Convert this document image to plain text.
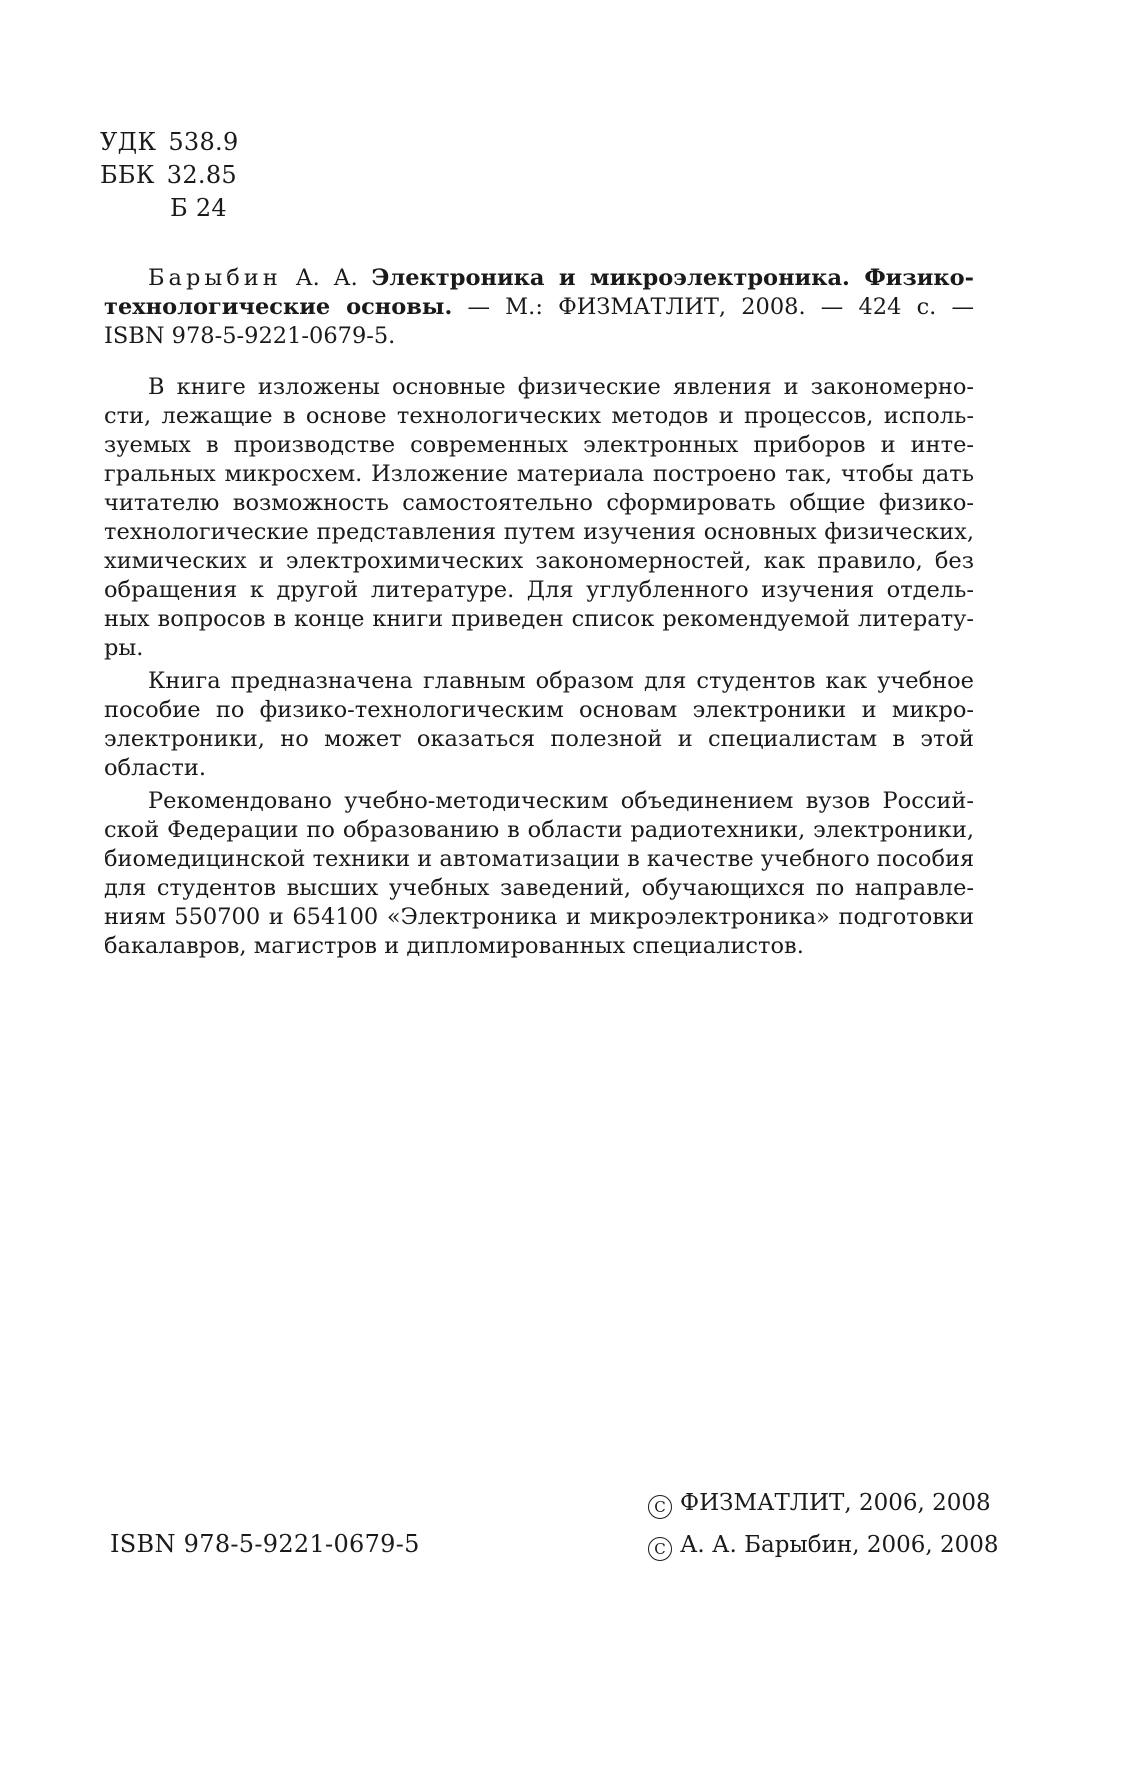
УДК 538.9
ББК 32.85
Б 24
Барыбин А. А. Электроника и микроэлектроника. Физико-
технологические основы. — М.: ФИЗМАТЛИТ, 2008. — 424 с. —
ISBN 978-5-9221-0679-5.
В книге изложены основные физические явления и закономерно-
сти, лежащие в основе технологических методов и процессов, исполь-
зуемых в производстве современных электронных приборов и инте-
гральных микросхем. Изложение материала построено так, чтобы дать
читателю возможность самостоятельно сформировать общие физико-
технологические представления путем изучения основных физических,
химических и электрохимических закономерностей, как правило, без
обращения к другой литературе. Для углубленного изучения отдель-
ных вопросов в конце книги приведен список рекомендуемой литерату-
ры.
Книга предназначена главным образом для студентов как учебное
пособие по физико-технологическим основам электроники и микро-
электроники, но может оказаться полезной и специалистам в этой
области.
Рекомендовано учебно-методическим объединением вузов Россий-
ской Федерации по образованию в области радиотехники, электроники,
биомедицинской техники и автоматизации в качестве учебного пособия
для студентов высших учебных заведений, обучающихся по направле-
ниям 550700 и 654100 «Электроника и микроэлектроника» подготовки
бакалавров, магистров и дипломированных специалистов.
ISBN 978-5-9221-0679-5
C ФИЗМАТЛИТ, 2006, 2008
C А. А. Барыбин, 2006, 2008
